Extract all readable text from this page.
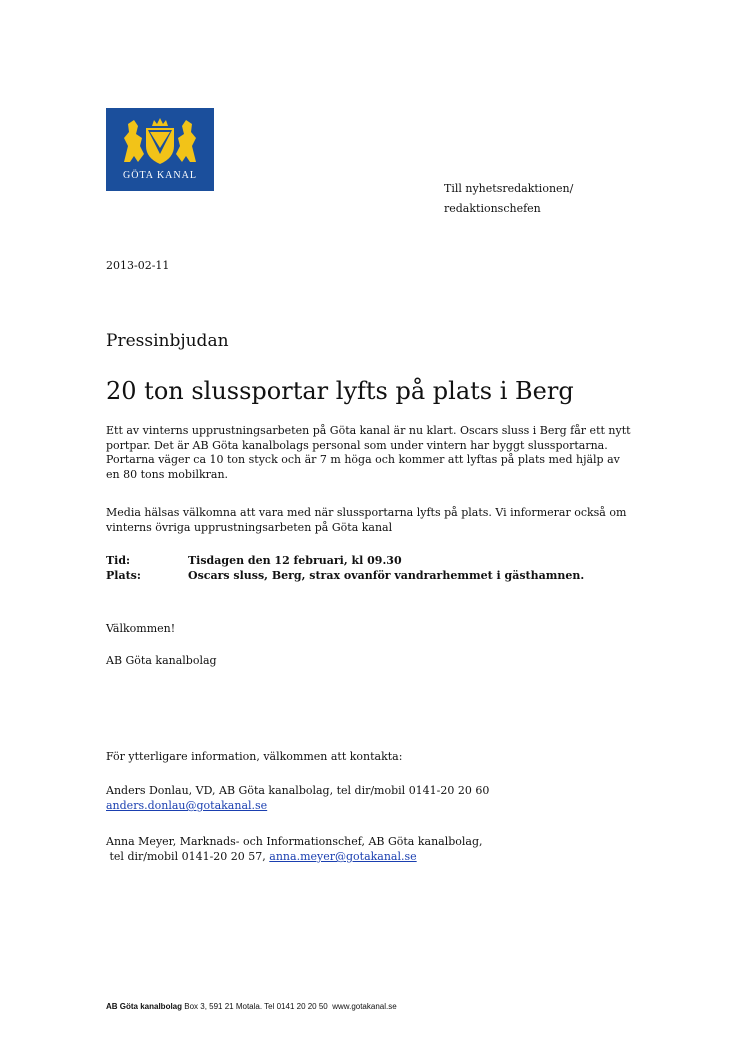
GÖTA KANAL
Till nyhetsredaktionen/
redaktionschefen
2013-02-11
Pressinbjudan
20 ton slussportar lyfts på plats i Berg
Ett av vinterns upprustningsarbeten på Göta kanal är nu klart. Oscars sluss i Berg får ett nytt portpar. Det är AB Göta kanalbolags personal som under vintern har byggt slussportarna. Portarna väger ca 10 ton styck och är 7 m höga och kommer att lyftas på plats med hjälp av en 80 tons mobilkran.
Media hälsas välkomna att vara med när slussportarna lyfts på plats. Vi informerar också om vinterns övriga upprustningsarbeten på Göta kanal
Tid:	Tisdagen den 12 februari, kl 09.30
Plats:	Oscars sluss, Berg, strax ovanför vandrarhemmet i gästhamnen.
Välkommen!
AB Göta kanalbolag
För ytterligare information, välkommen att kontakta:
Anders Donlau, VD, AB Göta kanalbolag, tel dir/mobil 0141-20 20 60
anders.donlau@gotakanal.se
Anna Meyer, Marknads- och Informationschef, AB Göta kanalbolag,
tel dir/mobil 0141-20 20 57, anna.meyer@gotakanal.se
AB Göta kanalbolag Box 3, 591 21 Motala. Tel 0141 20 20 50  www.gotakanal.se
